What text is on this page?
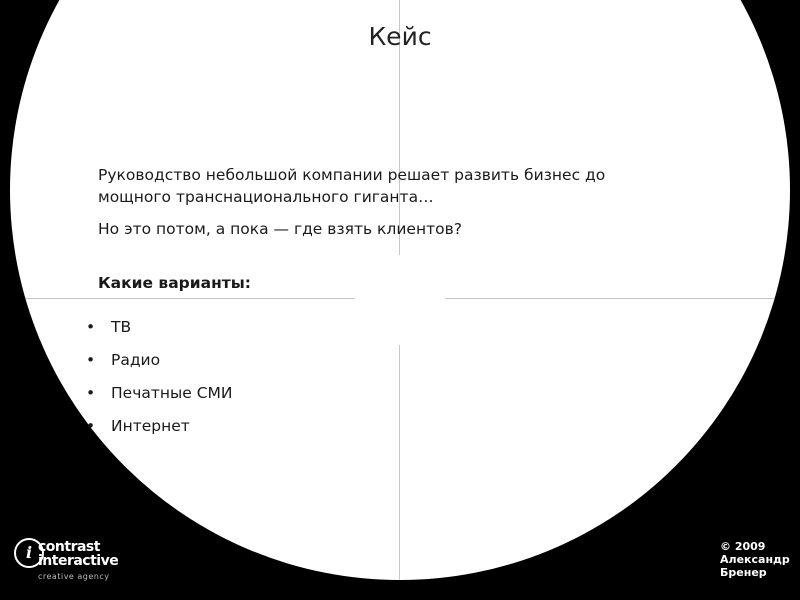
Кейс

Руководство небольшой компании решает развить бизнес до мощного транснационального гиганта…

Но это потом, а пока — где взять клиентов?

Какие варианты:

• ТВ
• Радио
• Печатные СМИ
• Интернет
i contrast
interactive
creative agency
© 2009
Александр
Бренер
